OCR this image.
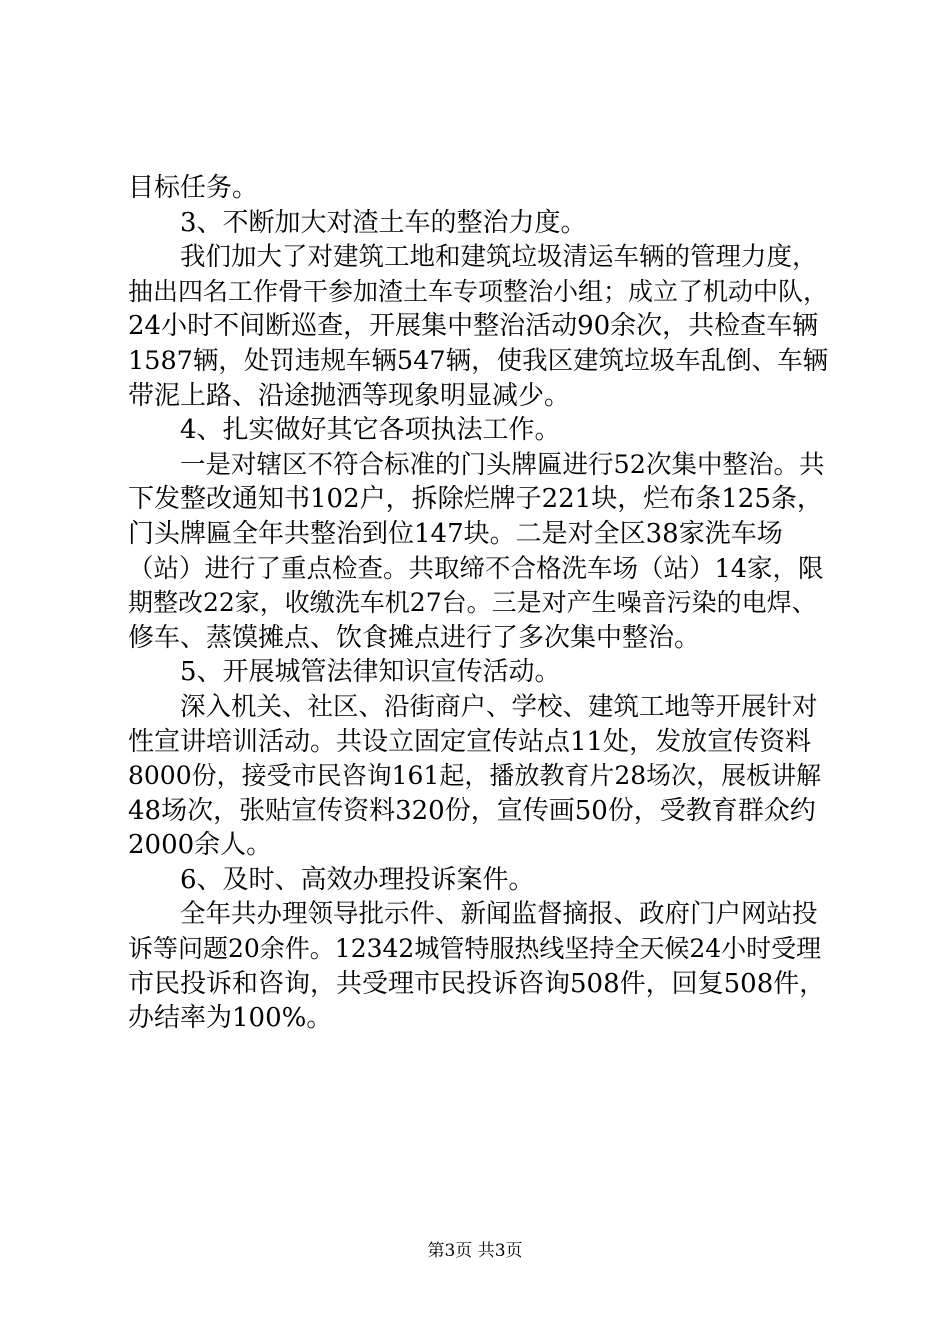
目标任务。

3、不断加大对渣土车的整治力度。

我们加大了对建筑工地和建筑垃圾清运车辆的管理力度，

抽出四名工作骨干参加渣土车专项整治小组；成立了机动中队，

24小时不间断巡查，开展集中整治活动90余次，共检查车辆

1587辆，处罚违规车辆547辆，使我区建筑垃圾车乱倒、车辆

带泥上路、沿途抛洒等现象明显减少。

4、扎实做好其它各项执法工作。

一是对辖区不符合标准的门头牌匾进行52次集中整治。共

下发整改通知书102户，拆除烂牌子221块，烂布条125条，

门头牌匾全年共整治到位147块。二是对全区38家洗车场

（站）进行了重点检查。共取缔不合格洗车场（站）14家，限

期整改22家，收缴洗车机27台。三是对产生噪音污染的电焊、

修车、蒸馍摊点、饮食摊点进行了多次集中整治。

5、开展城管法律知识宣传活动。

深入机关、社区、沿街商户、学校、建筑工地等开展针对

性宣讲培训活动。共设立固定宣传站点11处，发放宣传资料

8000份，接受市民咨询161起，播放教育片28场次，展板讲解

48场次，张贴宣传资料320份，宣传画50份，受教育群众约

2000余人。

6、及时、高效办理投诉案件。

全年共办理领导批示件、新闻监督摘报、政府门户网站投

诉等问题20余件。12342城管特服热线坚持全天候24小时受理

市民投诉和咨询，共受理市民投诉咨询508件，回复508件，

办结率为100%。

第3页 共3页
